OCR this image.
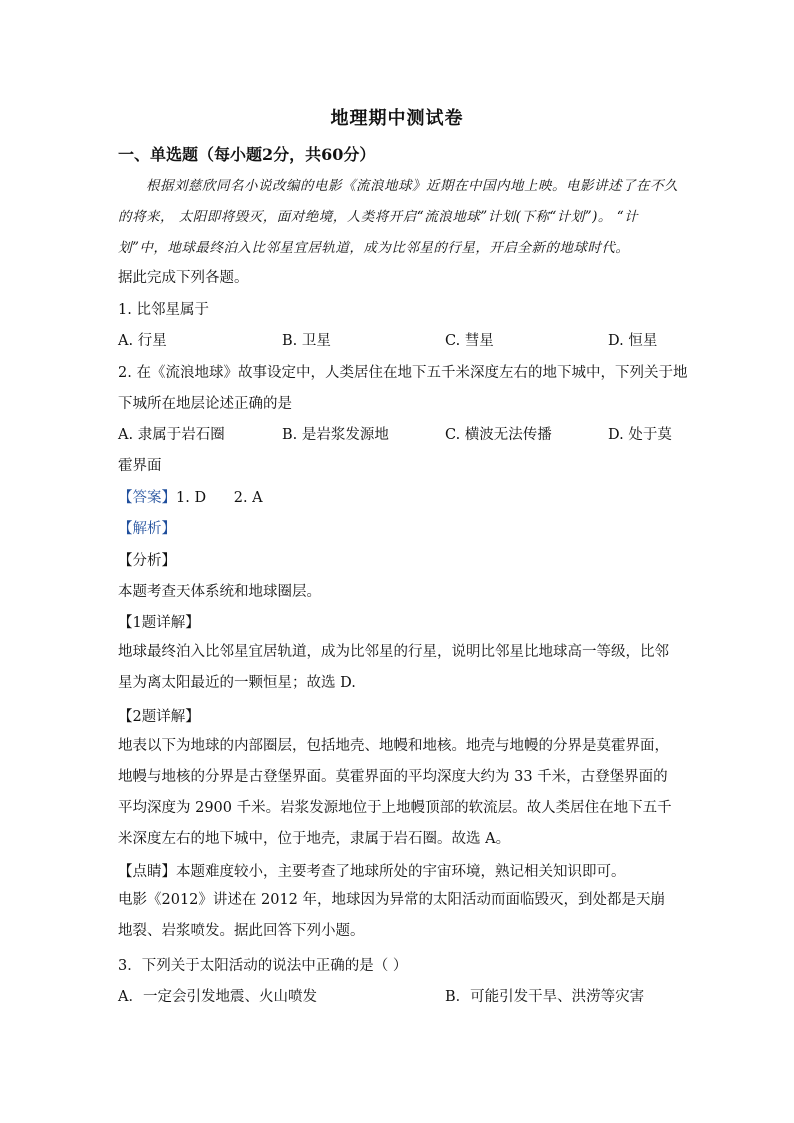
地理期中测试卷
一、单选题（每小题2分，共60分）

根据刘慈欣同名小说改编的电影《流浪地球》近期在中国内地上映。电影讲述了在不久的将来， 太阳即将毁灭，面对绝境，人类将开启“流浪地球”计划(下称“计划”)。 “计划”中，地球最终泊入比邻星宜居轨道，成为比邻星的行星，开启全新的地球时代。

据此完成下列各题。
1. 比邻星属于
A. 行星	B. 卫星	C. 彗星	D. 恒星
2. 在《流浪地球》故事设定中，人类居住在地下五千米深度左右的地下城中，下列关于地
下城所在地层论述正确的是
A. 隶属于岩石圈	B. 是岩浆发源地	C. 横波无法传播	D. 处于莫
霍界面
【答案】1. D      2. A
【解析】
【分析】
本题考查天体系统和地球圈层。
【1题详解】

地球最终泊入比邻星宜居轨道，成为比邻星的行星，说明比邻星比地球高一等级，比邻星为离太阳最近的一颗恒星；故选 D.

【2题详解】

地表以下为地球的内部圈层，包括地壳、地幔和地核。地壳与地幔的分界是莫霍界面，地幔与地核的分界是古登堡界面。莫霍界面的平均深度大约为 33 千米，古登堡界面的平均深度为 2900 千米。岩浆发源地位于上地幔顶部的软流层。故人类居住在地下五千米深度左右的地下城中，位于地壳，隶属于岩石圈。故选 A。

【点睛】本题难度较小，主要考查了地球所处的宇宙环境，熟记相关知识即可。

电影《2012》讲述在 2012 年，地球因为异常的太阳活动而面临毁灭，到处都是天崩地裂、岩浆喷发。据此回答下列小题。

3．下列关于太阳活动的说法中正确的是（ ）
A．一定会引发地震、火山喷发	B．可能引发干旱、洪涝等灾害
